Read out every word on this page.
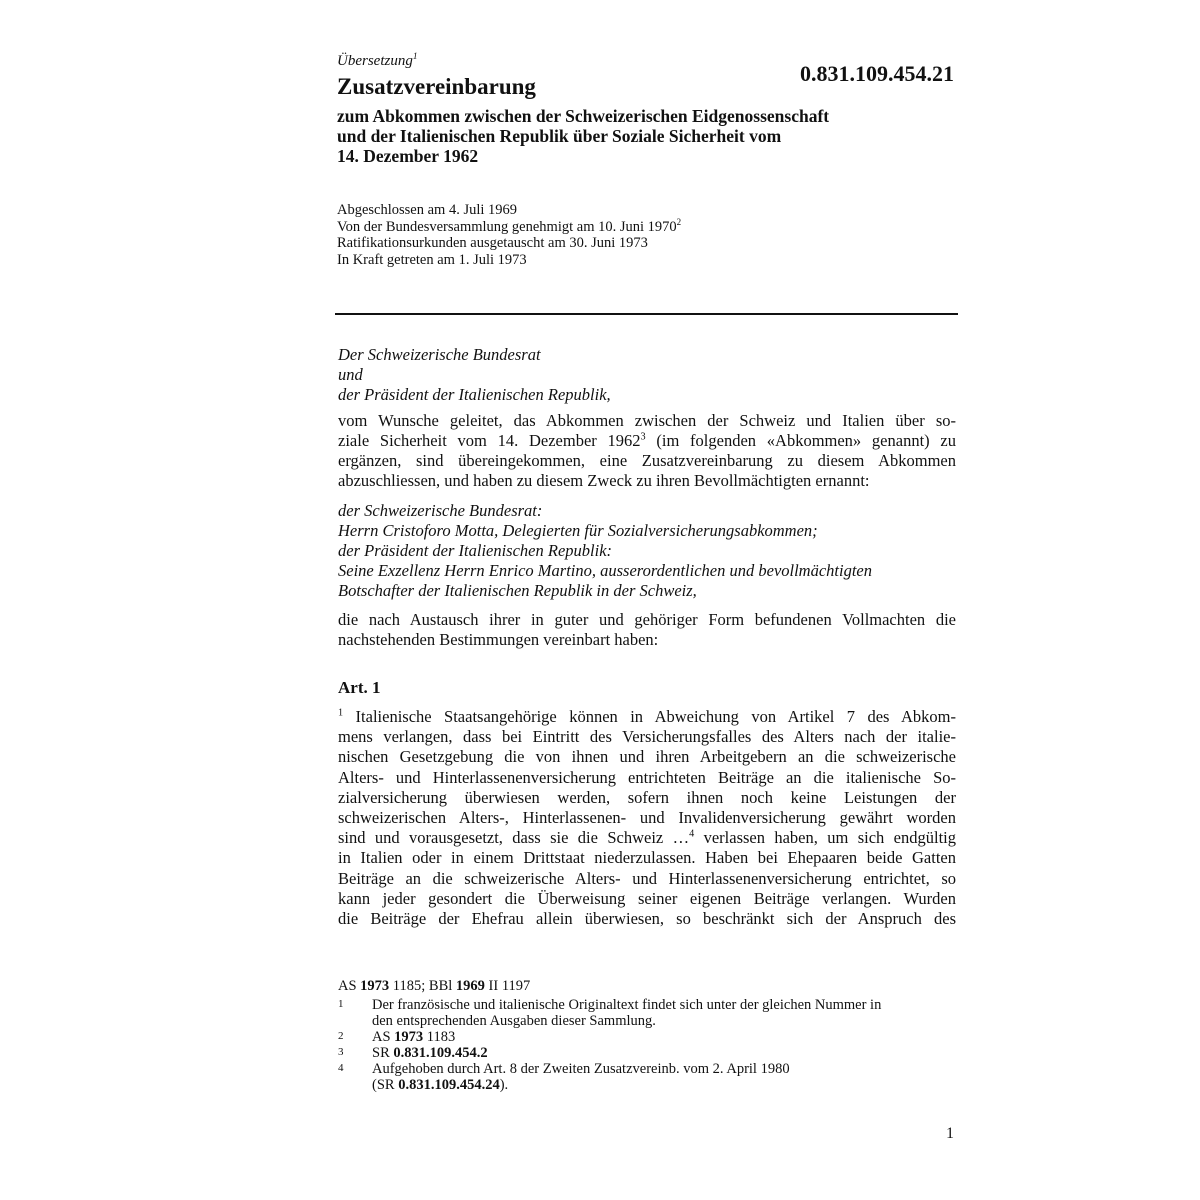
Übersetzung$^1$
Zusatzvereinbarung
0.831.109.454.21
zum Abkommen zwischen der Schweizerischen Eidgenossenschaft
und der Italienischen Republik über Soziale Sicherheit vom
14. Dezember 1962
Abgeschlossen am 4. Juli 1969
Von der Bundesversammlung genehmigt am 10. Juni 1970$^2$
Ratifikationsurkunden ausgetauscht am 30. Juni 1973
In Kraft getreten am 1. Juli 1973
Der Schweizerische Bundesrat
und
der Präsident der Italienischen Republik,
vom Wunsche geleitet, das Abkommen zwischen der Schweiz und Italien über so-
ziale Sicherheit vom 14. Dezember 1962$^3$ (im folgenden «Abkommen» genannt) zu
ergänzen, sind übereingekommen, eine Zusatzvereinbarung zu diesem Abkommen
abzuschliessen, und haben zu diesem Zweck zu ihren Bevollmächtigten ernannt:
der Schweizerische Bundesrat:
Herrn Cristoforo Motta, Delegierten für Sozialversicherungsabkommen;
der Präsident der Italienischen Republik:
Seine Exzellenz Herrn Enrico Martino, ausserordentlichen und bevollmächtigten
Botschafter der Italienischen Republik in der Schweiz,
die nach Austausch ihrer in guter und gehöriger Form befundenen Vollmachten die
nachstehenden Bestimmungen vereinbart haben:
Art. 1
$^1$ Italienische Staatsangehörige können in Abweichung von Artikel 7 des Abkom-
mens verlangen, dass bei Eintritt des Versicherungsfalles des Alters nach der italie-
nischen Gesetzgebung die von ihnen und ihren Arbeitgebern an die schweizerische
Alters- und Hinterlassenenversicherung entrichteten Beiträge an die italienische So-
zialversicherung überwiesen werden, sofern ihnen noch keine Leistungen der
schweizerischen Alters-, Hinterlassenen- und Invalidenversicherung gewährt worden
sind und vorausgesetzt, dass sie die Schweiz …$^4$ verlassen haben, um sich endgültig
in Italien oder in einem Drittstaat niederzulassen. Haben bei Ehepaaren beide Gatten
Beiträge an die schweizerische Alters- und Hinterlassenenversicherung entrichtet, so
kann jeder gesondert die Überweisung seiner eigenen Beiträge verlangen. Wurden
die Beiträge der Ehefrau allein überwiesen, so beschränkt sich der Anspruch des
AS 1973 1185; BBl 1969 II 1197
1	Der französische und italienische Originaltext findet sich unter der gleichen Nummer in
den entsprechenden Ausgaben dieser Sammlung.
2	AS 1973 1183
3	SR 0.831.109.454.2
4	Aufgehoben durch Art. 8 der Zweiten Zusatzvereinb. vom 2. April 1980
(SR 0.831.109.454.24).
1
